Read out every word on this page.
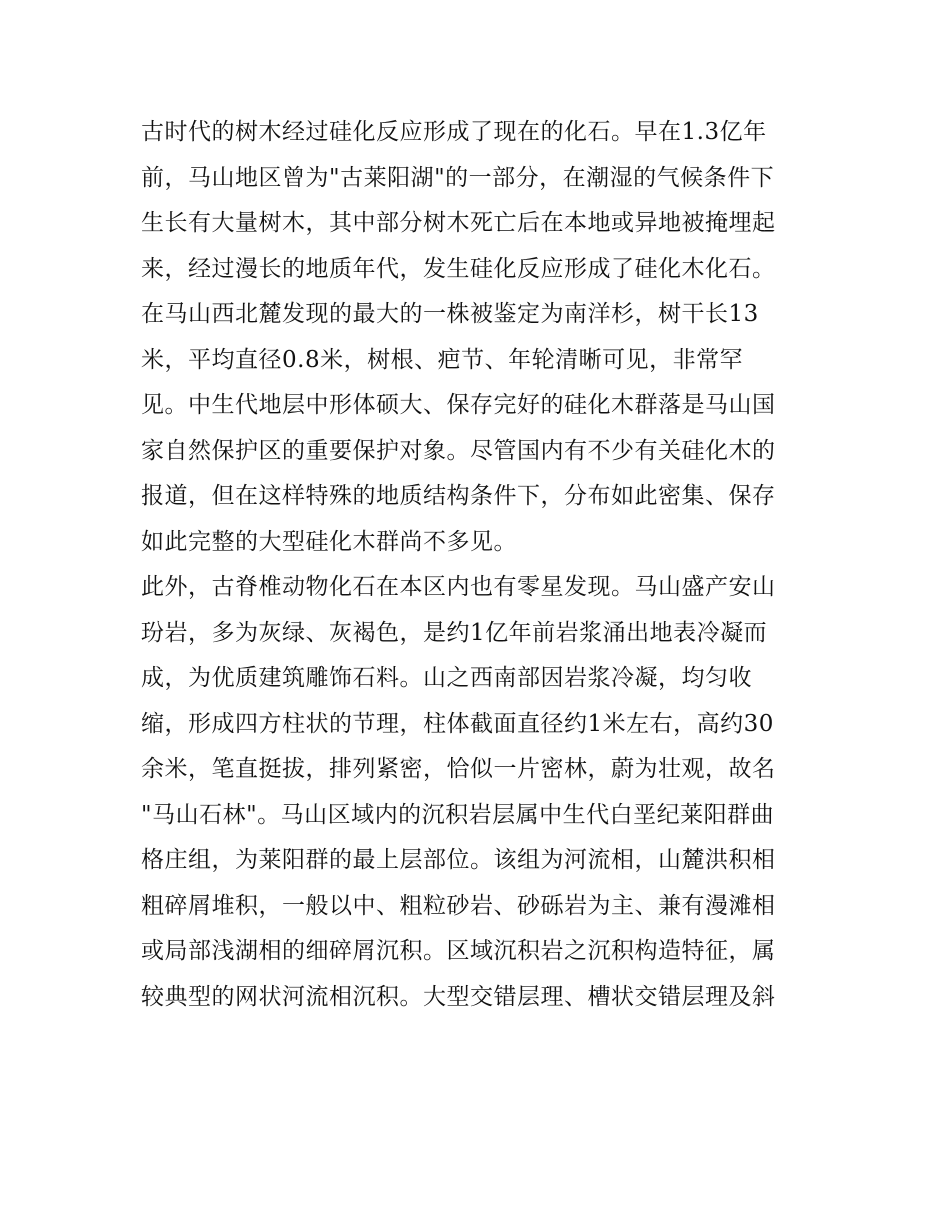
古时代的树木经过硅化反应形成了现在的化石。早在1.3亿年
前，马山地区曾为"古莱阳湖"的一部分，在潮湿的气候条件下
生长有大量树木，其中部分树木死亡后在本地或异地被掩埋起
来，经过漫长的地质年代，发生硅化反应形成了硅化木化石。
在马山西北麓发现的最大的一株被鉴定为南洋杉，树干长13
米，平均直径0.8米，树根、疤节、年轮清晰可见，非常罕
见。中生代地层中形体硕大、保存完好的硅化木群落是马山国
家自然保护区的重要保护对象。尽管国内有不少有关硅化木的
报道，但在这样特殊的地质结构条件下，分布如此密集、保存
如此完整的大型硅化木群尚不多见。
此外，古脊椎动物化石在本区内也有零星发现。马山盛产安山
玢岩，多为灰绿、灰褐色，是约1亿年前岩浆涌出地表冷凝而
成，为优质建筑雕饰石料。山之西南部因岩浆冷凝，均匀收
缩，形成四方柱状的节理，柱体截面直径约1米左右，高约30
余米，笔直挺拔，排列紧密，恰似一片密林，蔚为壮观，故名
"马山石林"。马山区域内的沉积岩层属中生代白垩纪莱阳群曲
格庄组，为莱阳群的最上层部位。该组为河流相，山麓洪积相
粗碎屑堆积，一般以中、粗粒砂岩、砂砾岩为主、兼有漫滩相
或局部浅湖相的细碎屑沉积。区域沉积岩之沉积构造特征，属
较典型的网状河流相沉积。大型交错层理、槽状交错层理及斜
